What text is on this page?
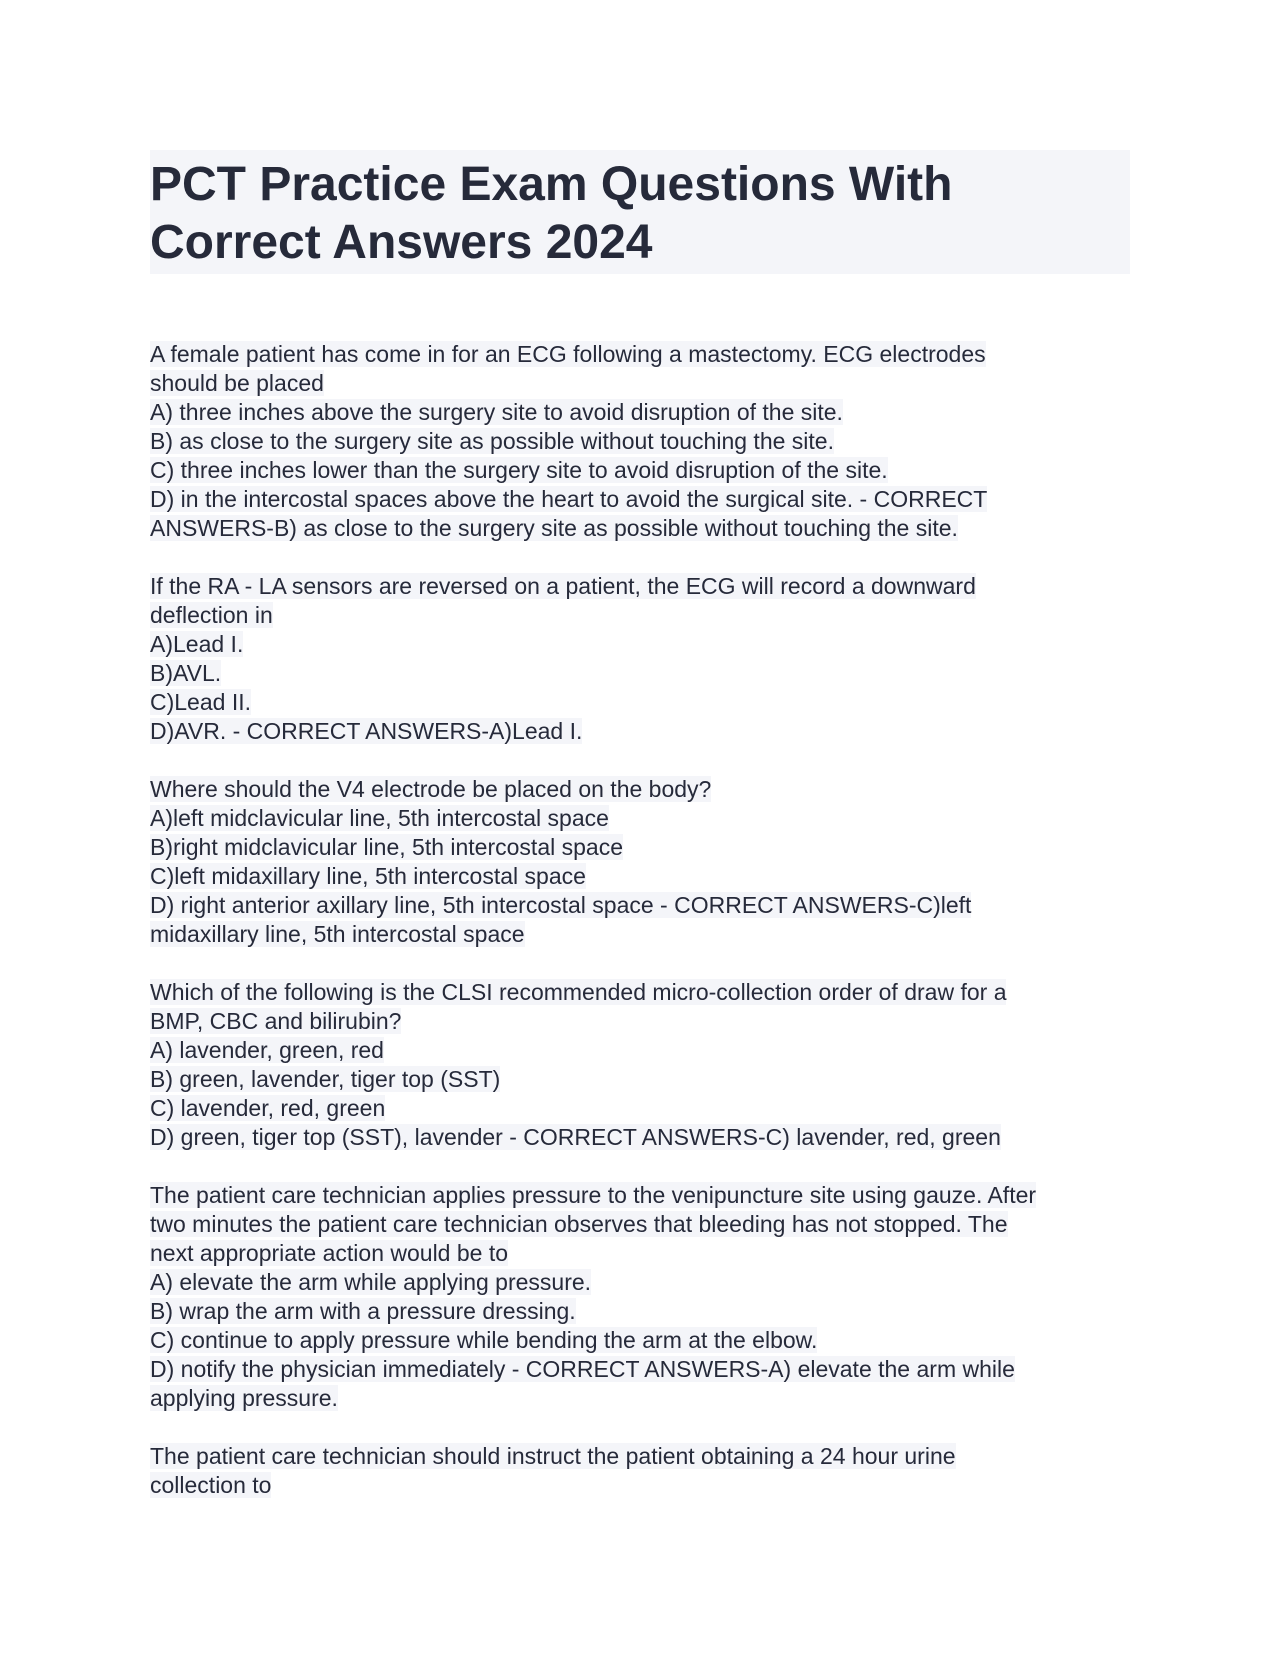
PCT Practice Exam Questions With
Correct Answers 2024

A female patient has come in for an ECG following a mastectomy. ECG electrodes

should be placed

A) three inches above the surgery site to avoid disruption of the site.

B) as close to the surgery site as possible without touching the site.

C) three inches lower than the surgery site to avoid disruption of the site.

D) in the intercostal spaces above the heart to avoid the surgical site. - CORRECT

ANSWERS-B) as close to the surgery site as possible without touching the site.

If the RA - LA sensors are reversed on a patient, the ECG will record a downward

deflection in

A)Lead I.

B)AVL.

C)Lead II.

D)AVR. - CORRECT ANSWERS-A)Lead I.

Where should the V4 electrode be placed on the body?

A)left midclavicular line, 5th intercostal space

B)right midclavicular line, 5th intercostal space

C)left midaxillary line, 5th intercostal space

D) right anterior axillary line, 5th intercostal space - CORRECT ANSWERS-C)left

midaxillary line, 5th intercostal space

Which of the following is the CLSI recommended micro-collection order of draw for a

BMP, CBC and bilirubin?

A) lavender, green, red

B) green, lavender, tiger top (SST)

C) lavender, red, green

D) green, tiger top (SST), lavender - CORRECT ANSWERS-C) lavender, red, green

The patient care technician applies pressure to the venipuncture site using gauze. After

two minutes the patient care technician observes that bleeding has not stopped. The

next appropriate action would be to

A) elevate the arm while applying pressure.

B) wrap the arm with a pressure dressing.

C) continue to apply pressure while bending the arm at the elbow.

D) notify the physician immediately - CORRECT ANSWERS-A) elevate the arm while

applying pressure.

The patient care technician should instruct the patient obtaining a 24 hour urine

collection to
